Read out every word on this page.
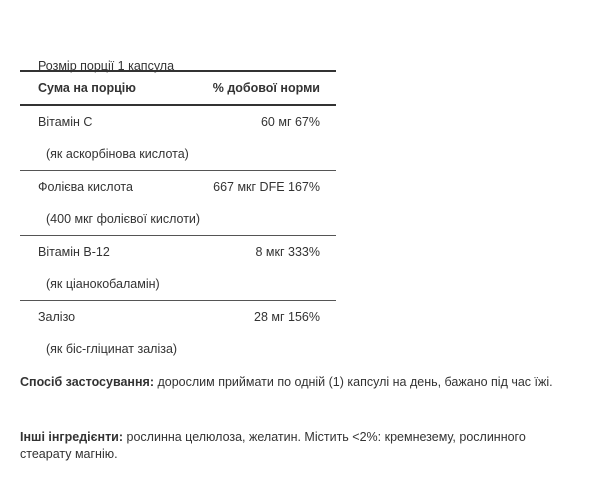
Розмір порції 1 капсула
Сума на порцію	% добової норми
Вітамін C	60 мг 67%
(як аскорбінова кислота)
Фолієва кислота	667 мкг DFE 167%
(400 мкг фолієвої кислоти)
Вітамін B-12	8 мкг 333%
(як ціанокобаламін)
Залізо	28 мг 156%
(як біс-гліцинат заліза)
Спосіб застосування: дорослим приймати по одній (1) капсулі на день, бажано під час їжі.
Інші інгредієнти: рослинна целюлоза, желатин. Містить <2%: кремнезему, рослинного стеарату магнію.
